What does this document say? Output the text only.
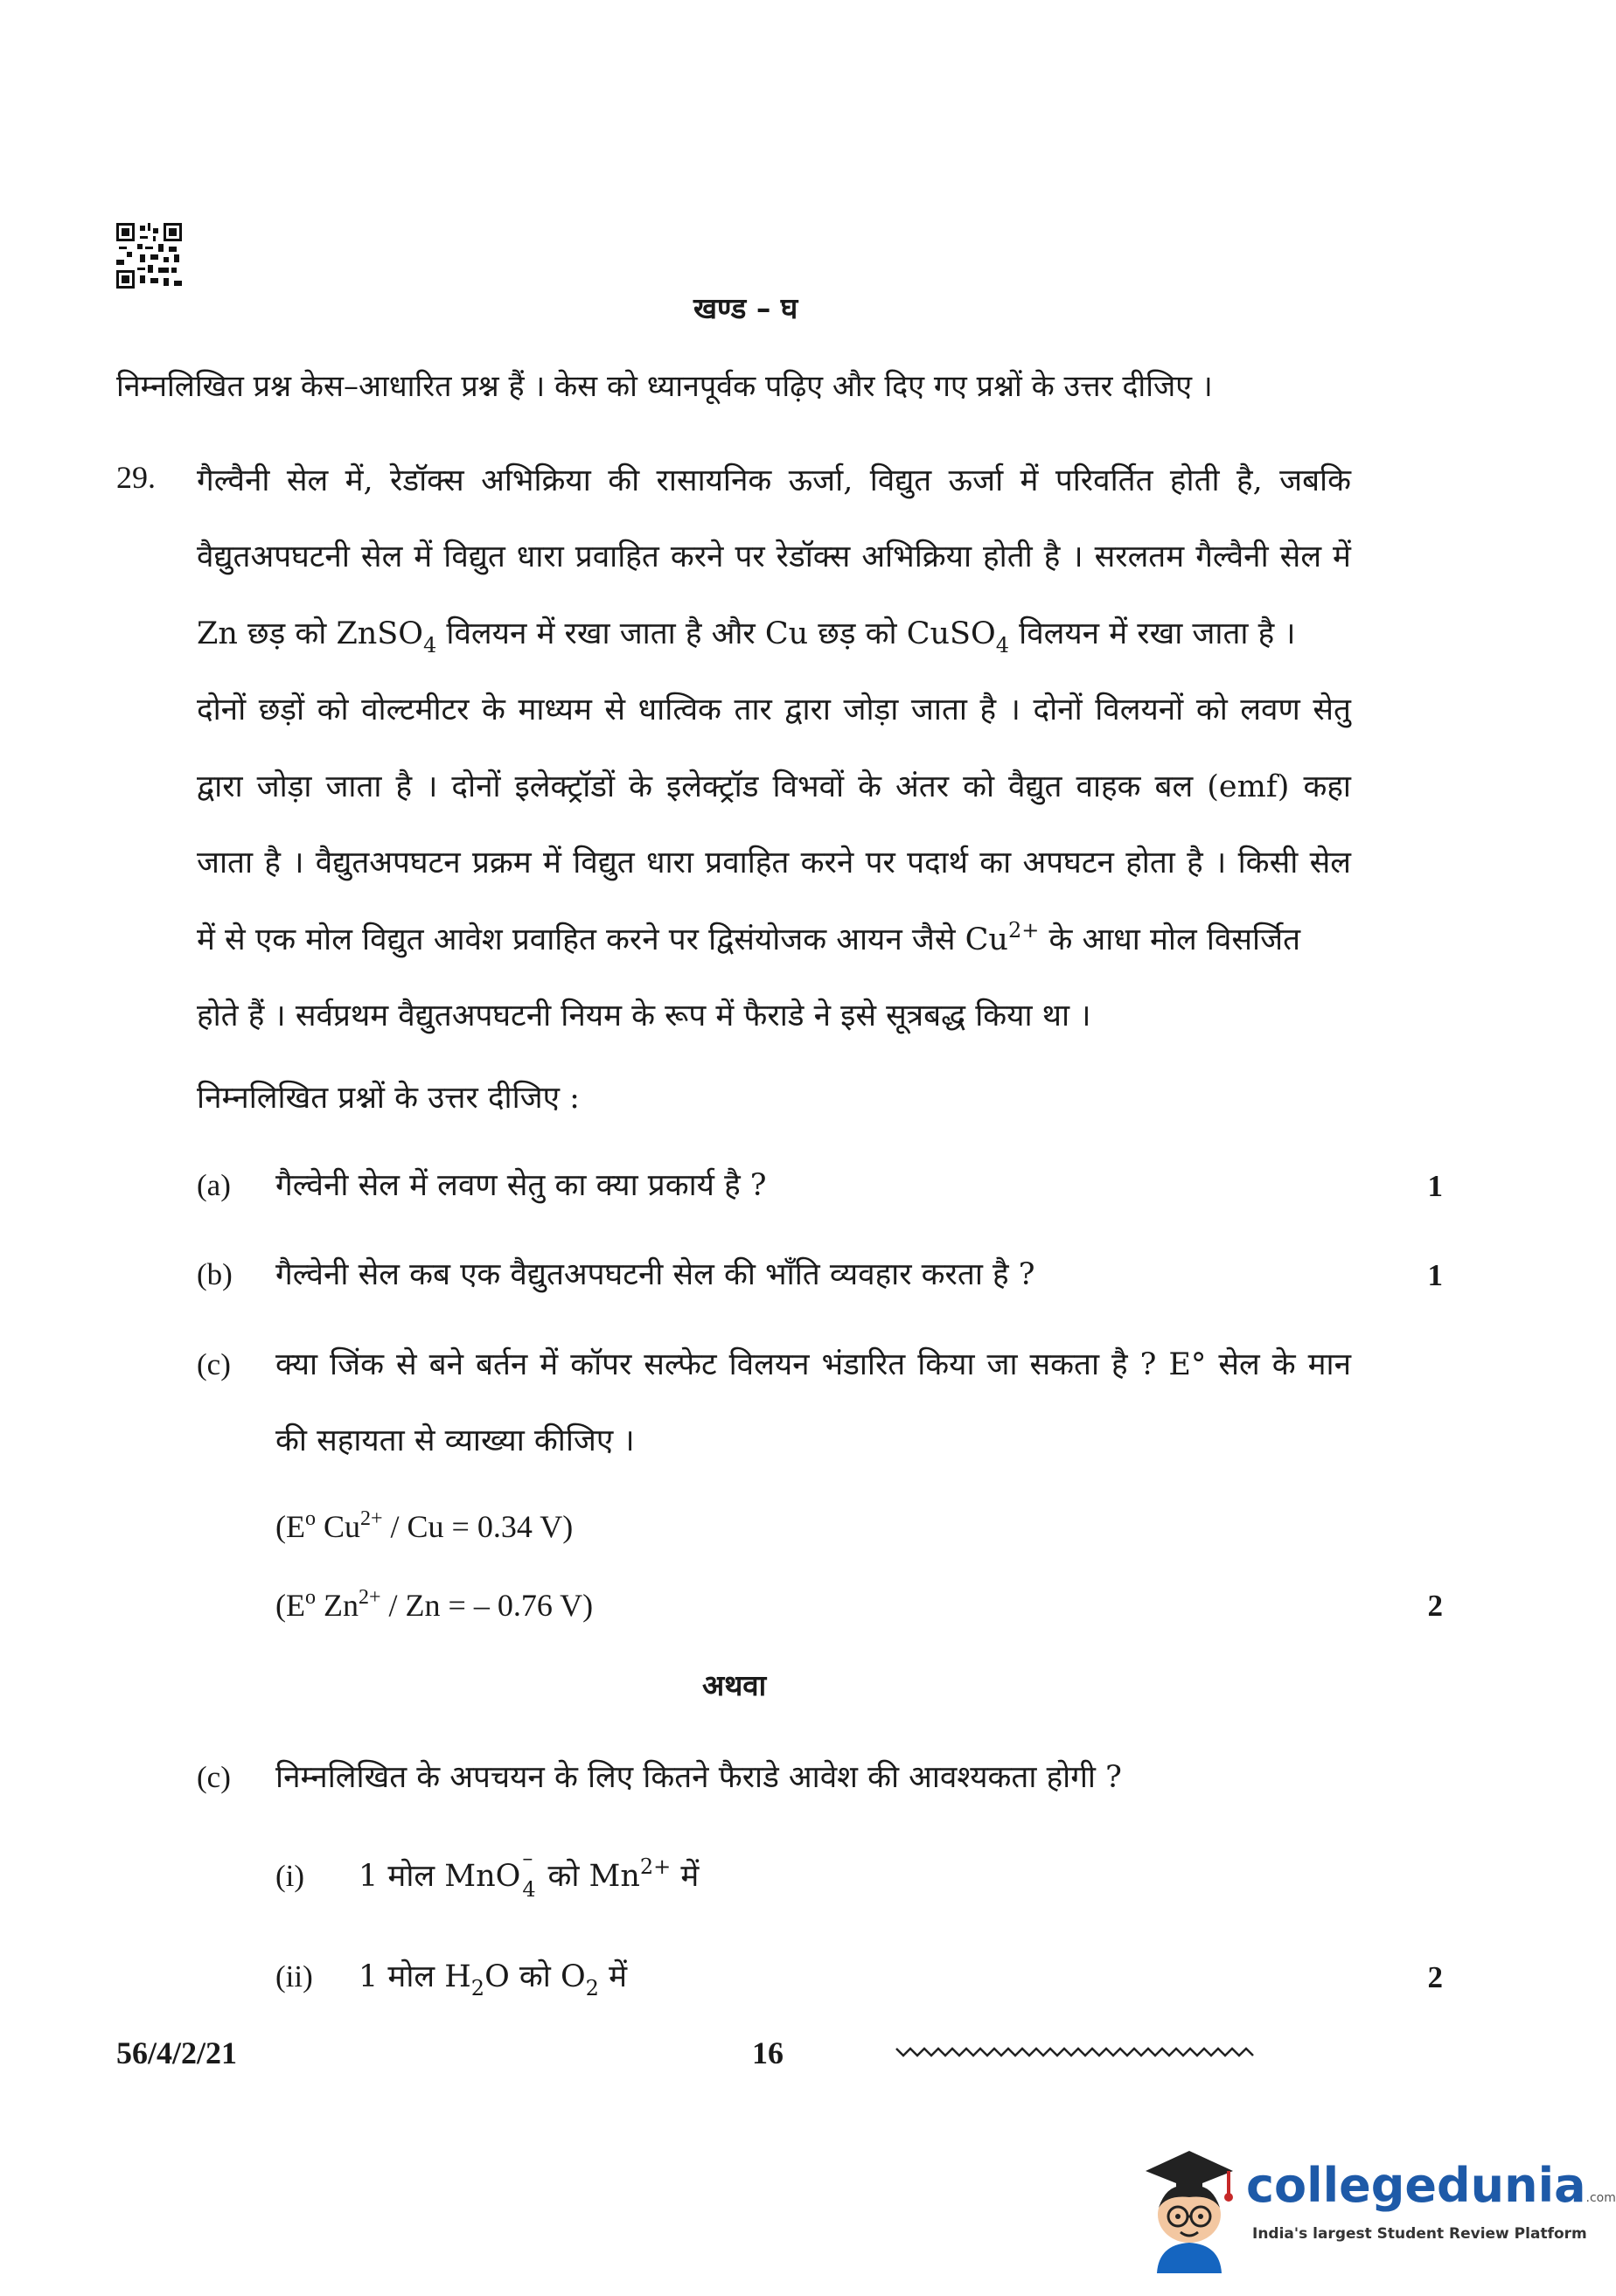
खण्ड – घ
निम्नलिखित प्रश्न केस–आधारित प्रश्न हैं । केस को ध्यानपूर्वक पढ़िए और दिए गए प्रश्नों के उत्तर दीजिए ।
29. गैल्वैनी सेल में, रेडॉक्स अभिक्रिया की रासायनिक ऊर्जा, विद्युत ऊर्जा में परिवर्तित होती है, जबकि
वैद्युतअपघटनी सेल में विद्युत धारा प्रवाहित करने पर रेडॉक्स अभिक्रिया होती है । सरलतम गैल्वैनी सेल में
Zn छड़ को ZnSO$_4$ विलयन में रखा जाता है और Cu छड़ को CuSO$_4$ विलयन में रखा जाता है ।
दोनों छड़ों को वोल्टमीटर के माध्यम से धात्विक तार द्वारा जोड़ा जाता है । दोनों विलयनों को लवण सेतु
द्वारा जोड़ा जाता है । दोनों इलेक्ट्रॉडों के इलेक्ट्रॉड विभवों के अंतर को वैद्युत वाहक बल (emf) कहा
जाता है । वैद्युतअपघटन प्रक्रम में विद्युत धारा प्रवाहित करने पर पदार्थ का अपघटन होता है । किसी सेल
में से एक मोल विद्युत आवेश प्रवाहित करने पर द्विसंयोजक आयन जैसे $Cu^{2+}$ के आधा मोल विसर्जित
होते हैं । सर्वप्रथम वैद्युतअपघटनी नियम के रूप में फैराडे ने इसे सूत्रबद्ध किया था ।
निम्नलिखित प्रश्नों के उत्तर दीजिए :
(a) गैल्वेनी सेल में लवण सेतु का क्या प्रकार्य है ?	1
(b) गैल्वेनी सेल कब एक वैद्युतअपघटनी सेल की भाँति व्यवहार करता है ?	1
(c) क्या जिंक से बने बर्तन में कॉपर सल्फेट विलयन भंडारित किया जा सकता है ? E° सेल के मान
की सहायता से व्याख्या कीजिए ।
($E^o$ $Cu^{2+} / Cu = 0.34$ V)
($E^o$ $Zn^{2+}$ / Zn = – 0.76 V)	2
अथवा
(c) निम्नलिखित के अपचयन के लिए कितने फैराडे आवेश की आवश्यकता होगी ?
(i) 1 मोल MnO
–
4 को $Mn^{2+}$ में
(ii) 1 मोल $H_2O$ को $O_2$ में	2
56/4/2/21	16
collegedunia.com
India's largest Student Review Platform
